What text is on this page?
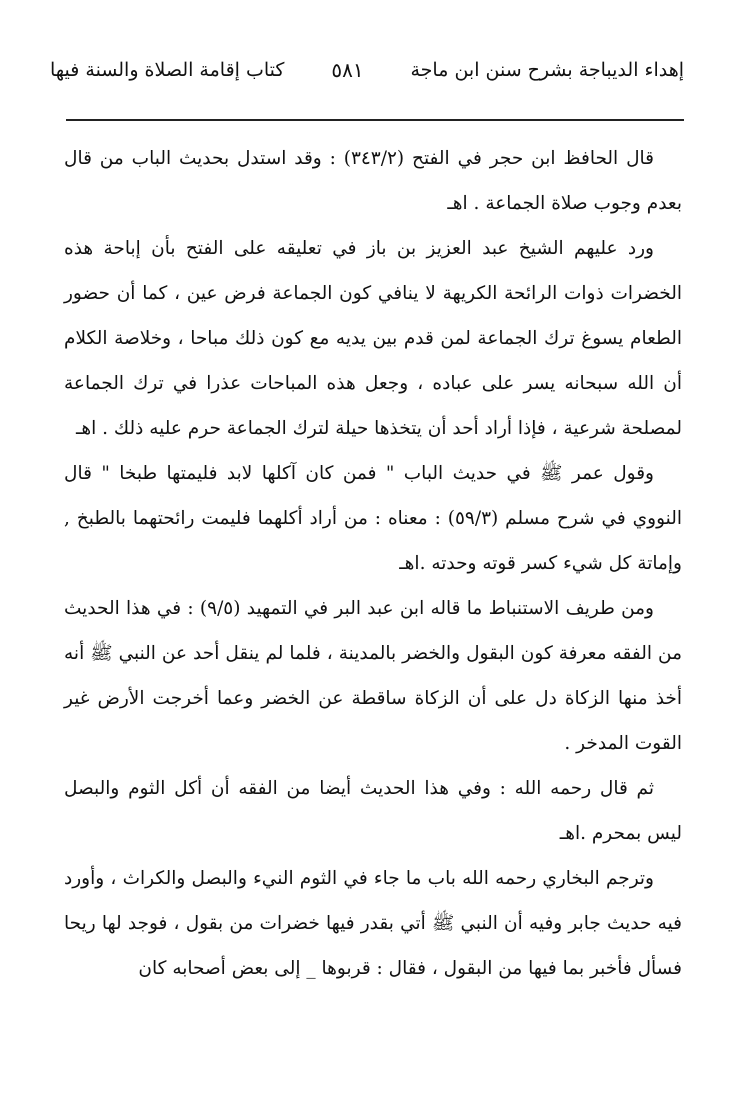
إهداء الديباجة بشرح سنن ابن ماجة
٥٨١
كتاب إقامة الصلاة والسنة فيها

قال الحافظ ابن حجر في الفتح (٣٤٣/٢) : وقد استدل بحديث الباب من قال بعدم وجوب صلاة الجماعة . اهـ

ورد عليهم الشيخ عبد العزيز بن باز في تعليقه على الفتح بأن إباحة هذه الخضرات ذوات الرائحة الكريهة لا ينافي كون الجماعة فرض عين ، كما أن حضور الطعام يسوغ ترك الجماعة لمن قدم بين يديه مع كون ذلك مباحا ، وخلاصة الكلام أن الله سبحانه يسر على عباده ، وجعل هذه المباحات عذرا في ترك الجماعة لمصلحة شرعية ، فإذا أراد أحد أن يتخذها حيلة لترك الجماعة حرم عليه ذلك . اهـ

وقول عمر ﷺ في حديث الباب " فمن كان آكلها لابد فليمتها طبخا " قال النووي في شرح مسلم (٥٩/٣) : معناه : من أراد أكلهما فليمت رائحتهما بالطبخ , وإماتة كل شيء كسر قوته وحدته .اهـ

ومن طريف الاستنباط ما قاله ابن عبد البر في التمهيد (٩/٥) : في هذا الحديث من الفقه معرفة كون البقول والخضر بالمدينة ، فلما لم ينقل أحد عن النبي ﷺ أنه أخذ منها الزكاة دل على أن الزكاة ساقطة عن الخضر وعما أخرجت الأرض غير القوت المدخر .

ثم قال رحمه الله : وفي هذا الحديث أيضا من الفقه أن أكل الثوم والبصل ليس بمحرم .اهـ

وترجم البخاري رحمه الله باب ما جاء في الثوم النيء والبصل والكراث ، وأورد فيه حديث جابر وفيه أن النبي ﷺ أتي بقدر فيها خضرات من بقول ، فوجد لها ريحا فسأل فأخبر بما فيها من البقول ، فقال : قربوها _ إلى بعض أصحابه كان
